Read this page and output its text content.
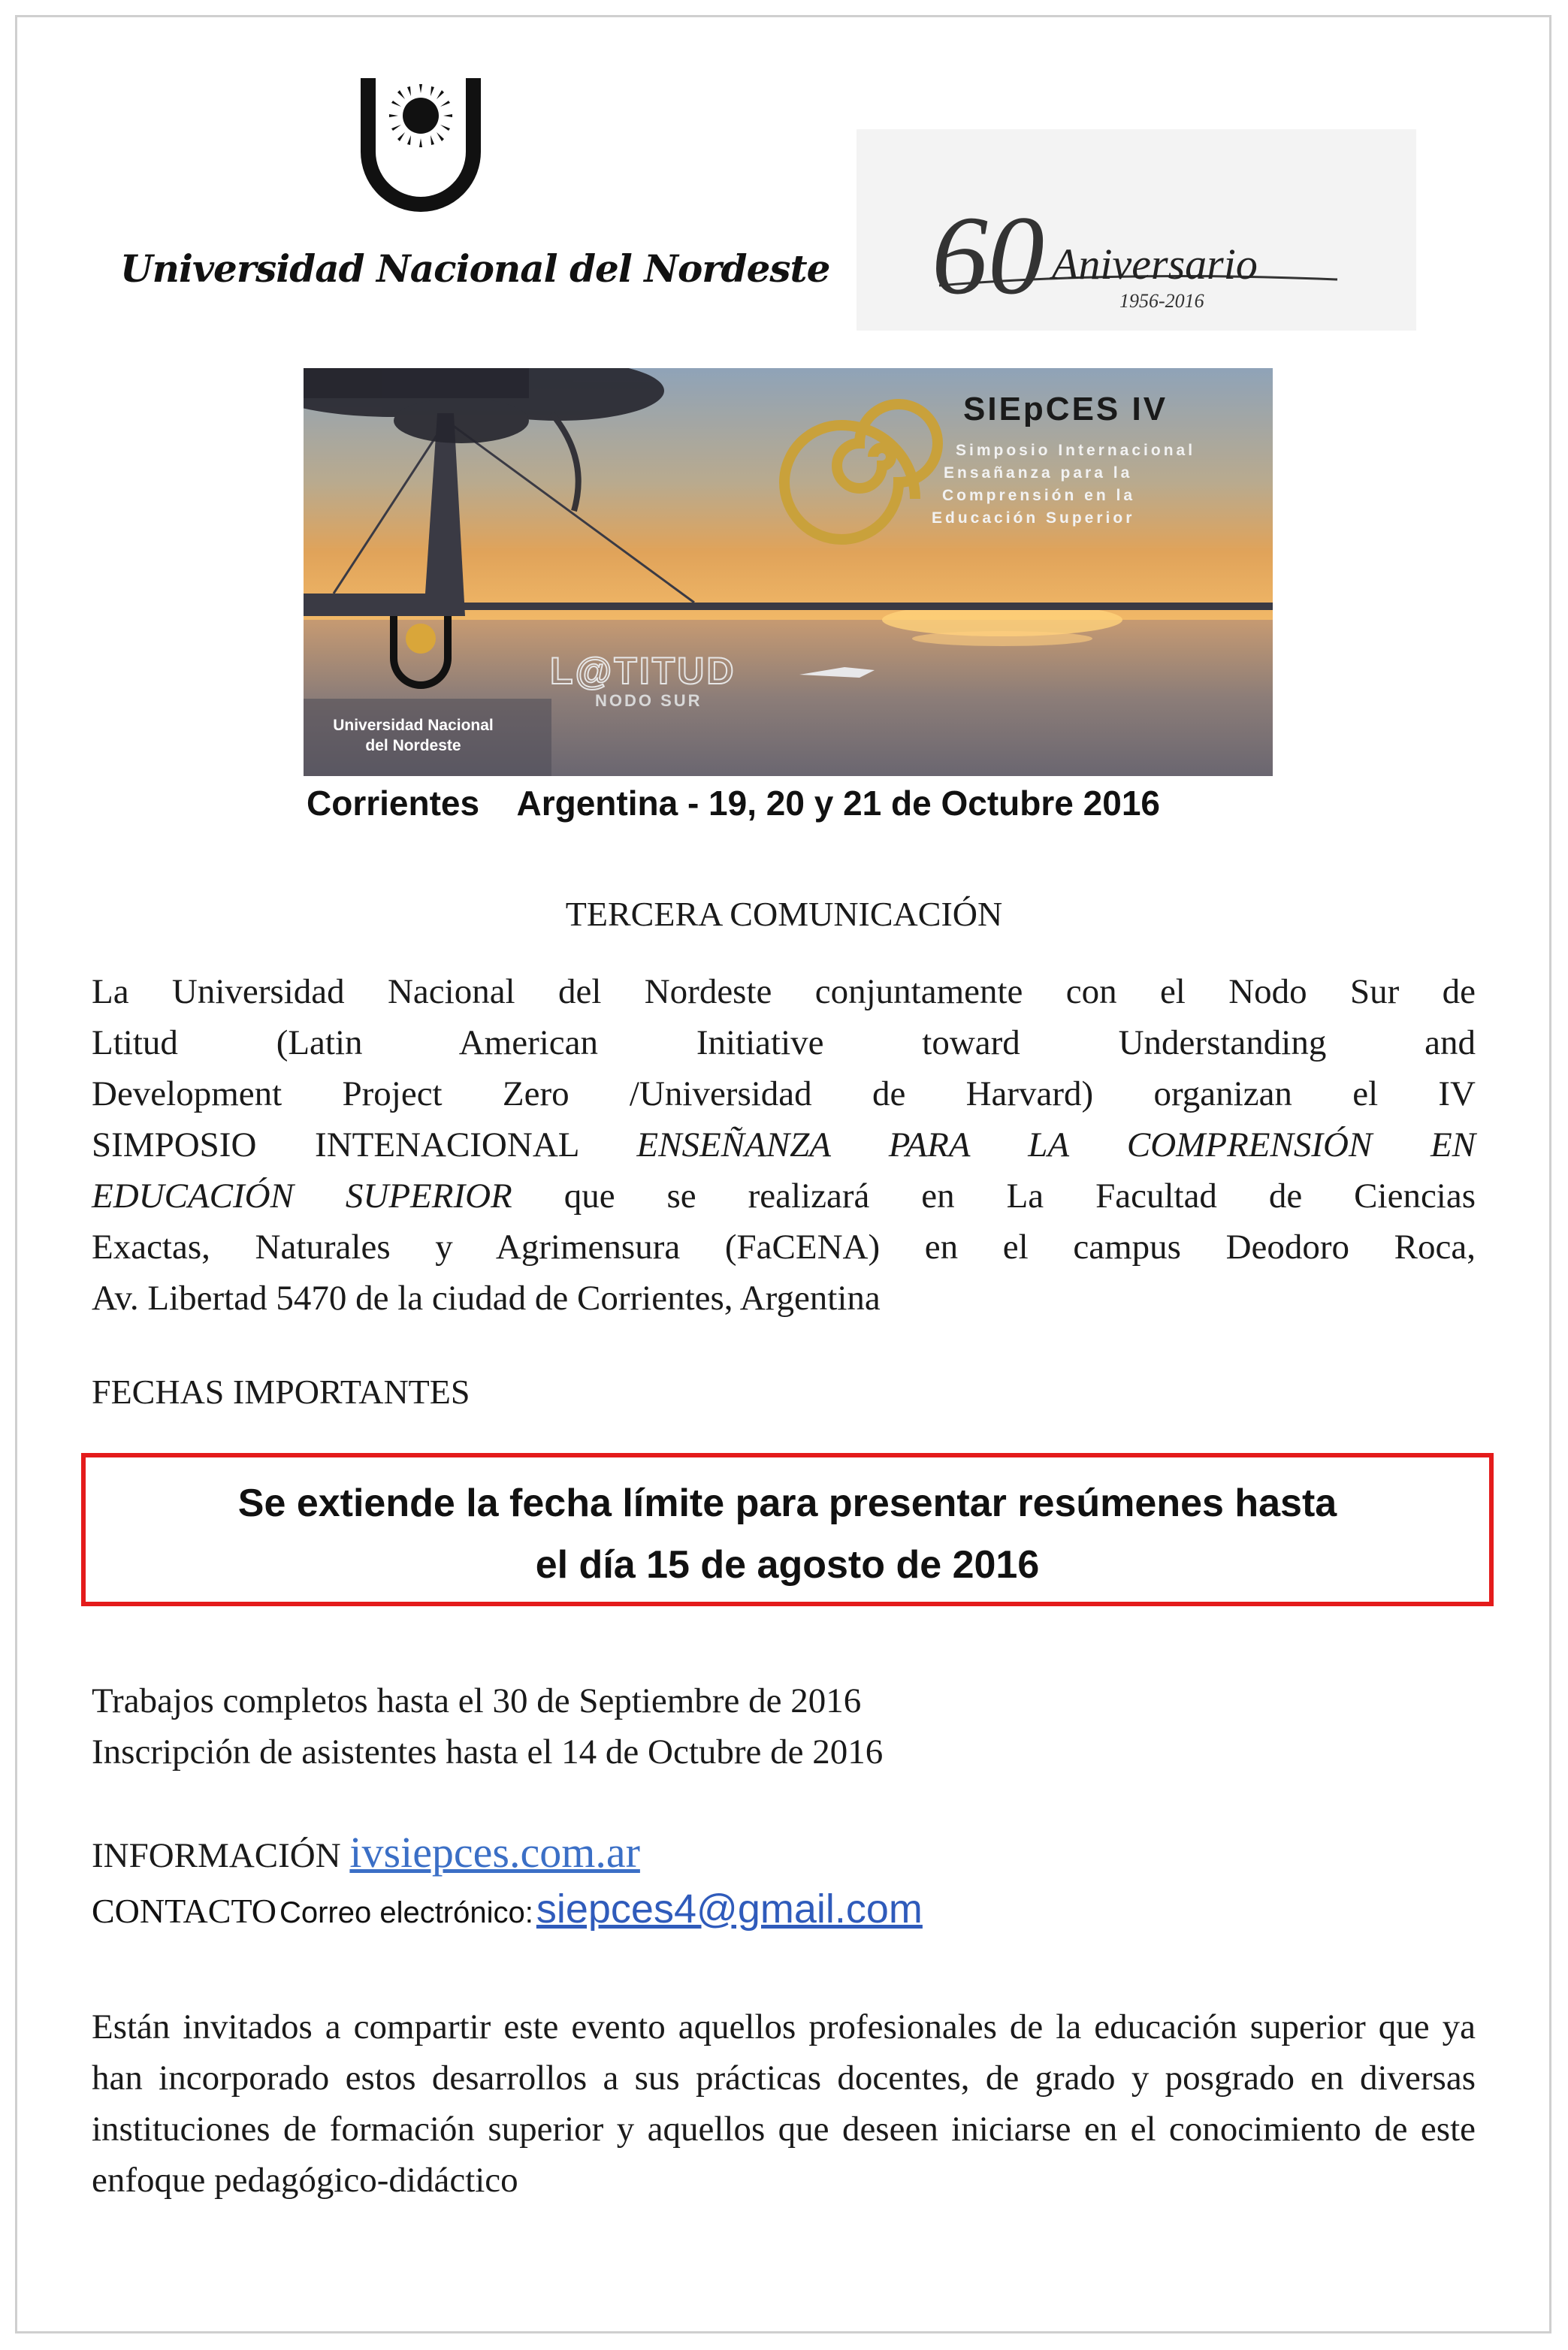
Universidad Nacional del Nordeste 60 Aniversario
1956-2016
SIEpCES IV
Simposio Internacional
Ensañanza para la
Comprensión en la
Educación Superior
L@TITUD
NODO SUR
Universidad Nacional
del Nordeste
Corrientes Argentina - 19, 20 y 21 de Octubre 2016
TERCERA COMUNICACIÓN

La Universidad Nacional del Nordeste conjuntamente con el Nodo Sur de

Ltitud	(Latin	American	Initiative	toward	Understanding	and

Development Project Zero /Universidad de Harvard) organizan el IV

SIMPOSIO INTENACIONAL ENSEÑANZA PARA LA COMPRENSIÓN EN

EDUCACIÓN SUPERIOR que se realizará en La Facultad de Ciencias

Exactas, Naturales y Agrimensura (FaCENA) en el campus Deodoro Roca,

Av. Libertad 5470 de la ciudad de Corrientes, Argentina

FECHAS IMPORTANTES
Se extiende la fecha límite para presentar resúmenes hasta
el día 15 de agosto de 2016
Trabajos completos hasta el 30 de Septiembre de 2016
Inscripción de asistentes hasta el 14 de Octubre de 2016
INFORMACIÓN ivsiepces.com.ar
CONTACTO Correo electrónico: siepces4@gmail.com
Están invitados a compartir este evento aquellos profesionales de la educación superior que ya han incorporado estos desarrollos a sus prácticas docentes, de grado y posgrado en diversas instituciones de formación superior y aquellos que deseen iniciarse en el conocimiento de este enfoque pedagógico-didáctico
